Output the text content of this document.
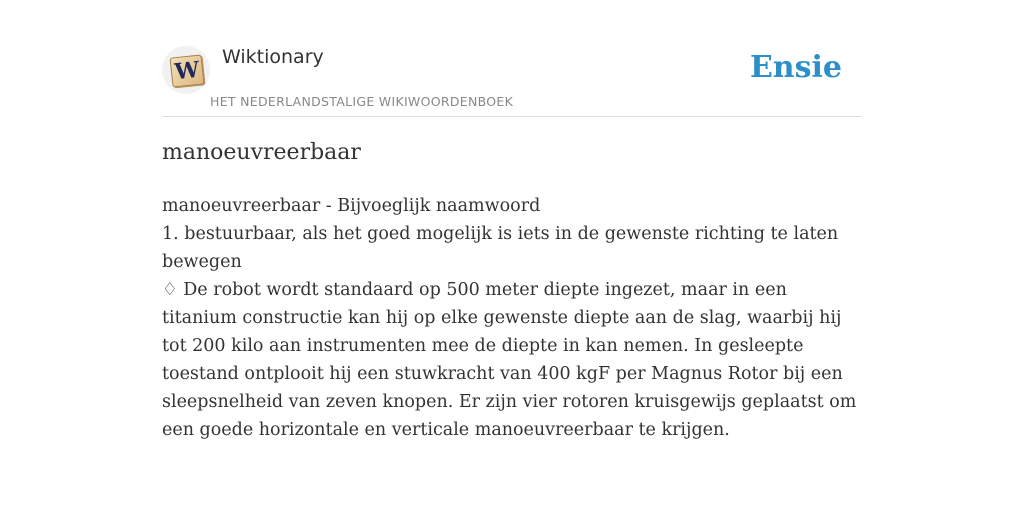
W Wiktionary
HET NEDERLANDSTALIGE WIKIWOORDENBOEK
Ensie
manoeuvreerbaar

manoeuvreerbaar - Bijvoeglijk naamwoord

1. bestuurbaar, als het goed mogelijk is iets in de gewenste richting te laten bewegen

♢ De robot wordt standaard op 500 meter diepte ingezet, maar in een titanium constructie kan hij op elke gewenste diepte aan de slag, waarbij hij tot 200 kilo aan instrumenten mee de diepte in kan nemen. In gesleepte toestand ontplooit hij een stuwkracht van 400 kgF per Magnus Rotor bij een sleepsnelheid van zeven knopen. Er zijn vier rotoren kruisgewijs geplaatst om een goede horizontale en verticale manoeuvreerbaar te krijgen.
